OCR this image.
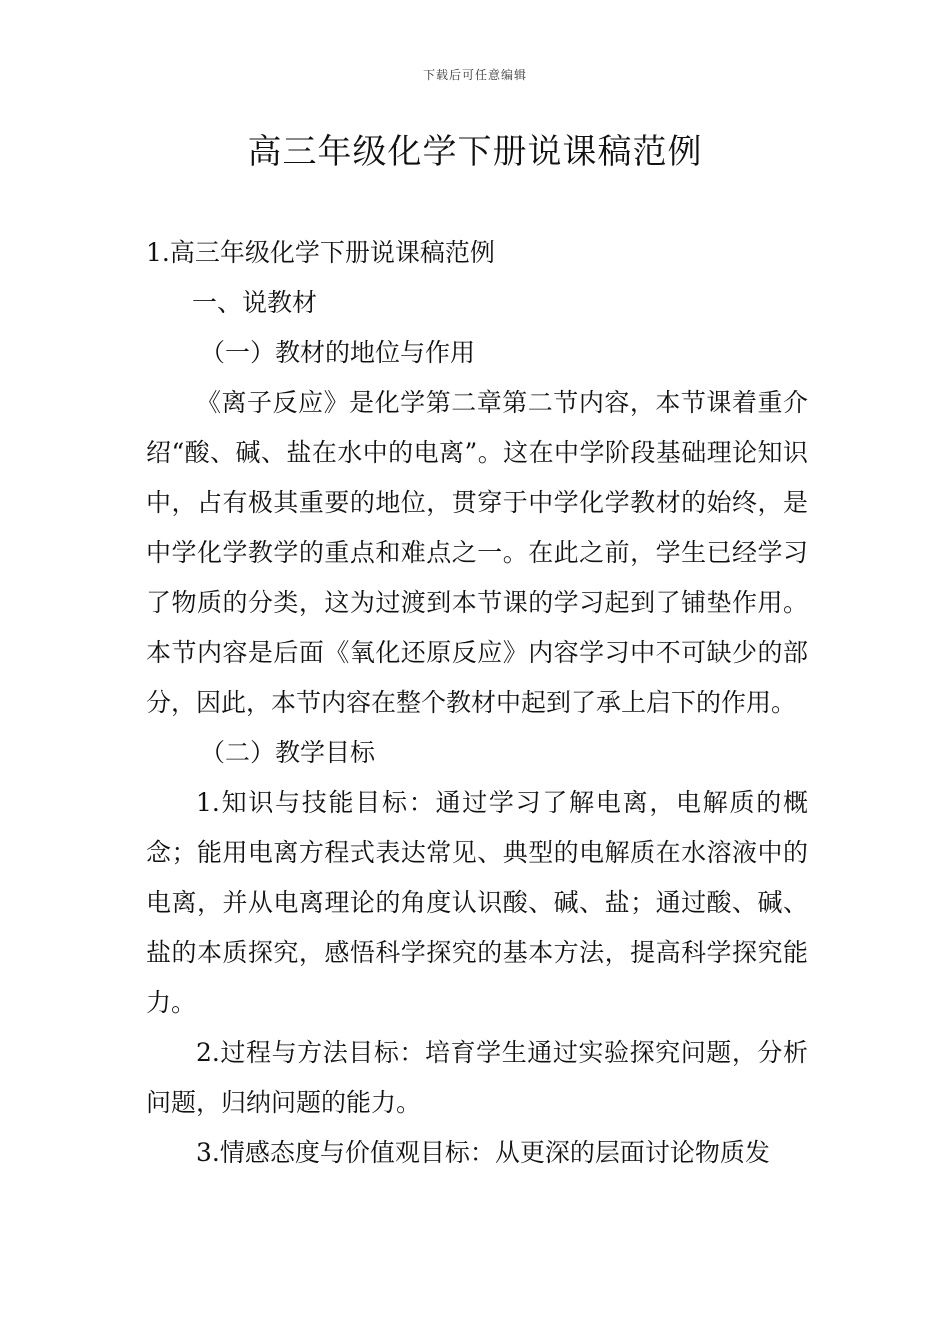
下载后可任意编辑
高三年级化学下册说课稿范例

1.高三年级化学下册说课稿范例

一、说教材

（一）教材的地位与作用

《离子反应》是化学第二章第二节内容，本节课着重介绍“酸、碱、盐在水中的电离”。这在中学阶段基础理论知识中，占有极其重要的地位，贯穿于中学化学教材的始终，是中学化学教学的重点和难点之一。在此之前，学生已经学习了物质的分类，这为过渡到本节课的学习起到了铺垫作用。本节内容是后面《氧化还原反应》内容学习中不可缺少的部分，因此，本节内容在整个教材中起到了承上启下的作用。

（二）教学目标

1.知识与技能目标：通过学习了解电离，电解质的概念；能用电离方程式表达常见、典型的电解质在水溶液中的电离，并从电离理论的角度认识酸、碱、盐；通过酸、碱、盐的本质探究，感悟科学探究的基本方法，提高科学探究能力。

2.过程与方法目标：培育学生通过实验探究问题，分析问题，归纳问题的能力。

3.情感态度与价值观目标：从更深的层面讨论物质发
